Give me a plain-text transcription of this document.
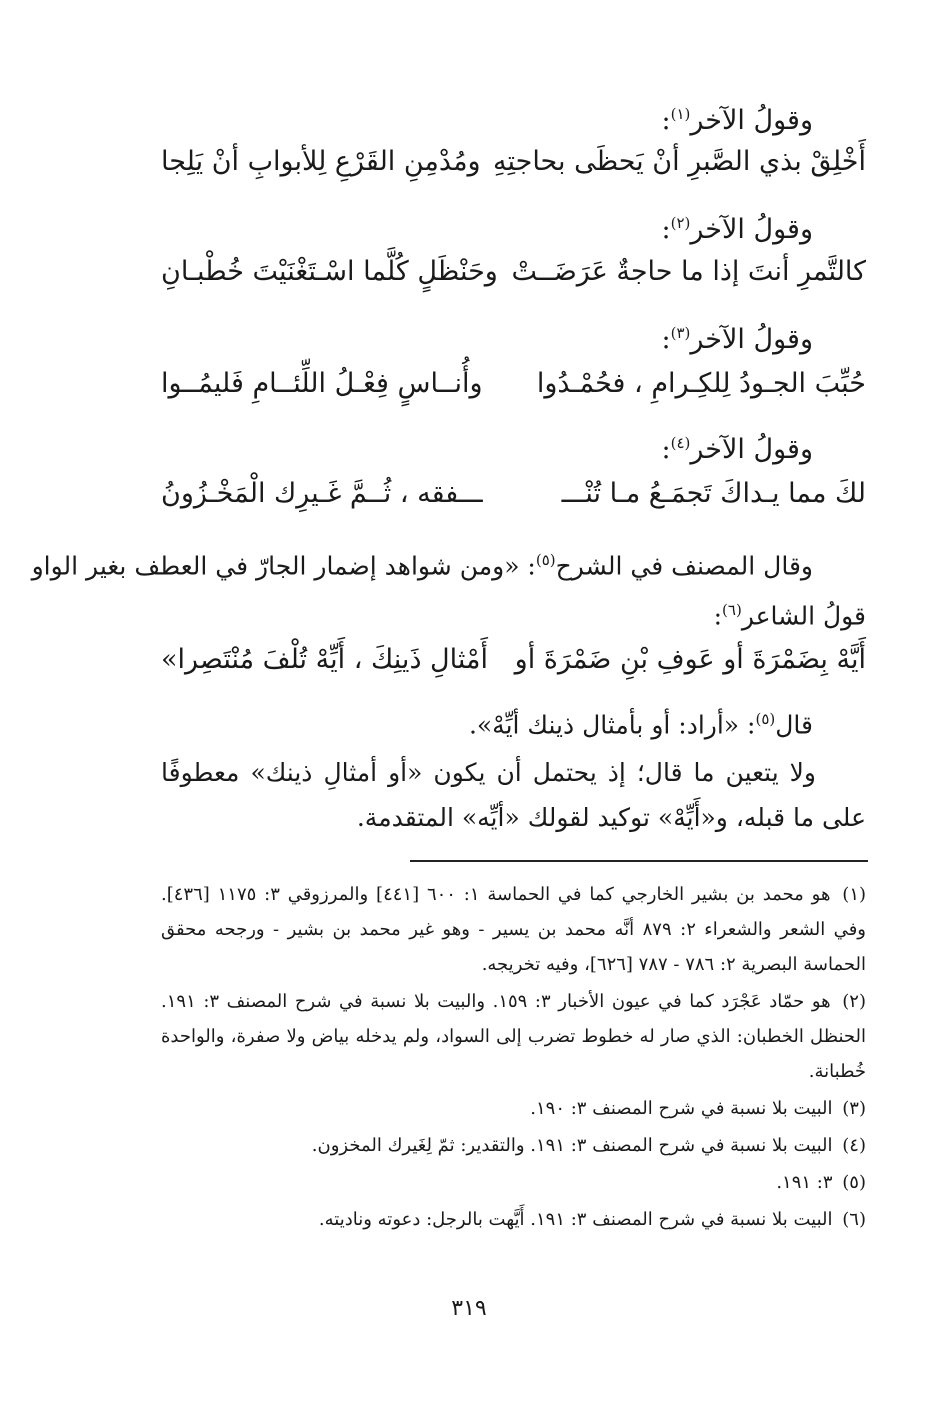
وقولُ الآخر$^{(١)}$:
أَخْلِقْ بذي الصَّبرِ أنْ يَحظَى بحاجتِهِ
ومُدْمِنِ القَرْعِ لِلأبوابِ أنْ يَلِجا
وقولُ الآخر$^{(٢)}$:
كالتَّمرِ أنتَ إذا ما حاجةٌ عَرَضَــتْ
وحَنْظَلٍ كُلَّما اسْـتَغْنَيْتَ خُطْبـانِ
وقولُ الآخر$^{(٣)}$:
حُبِّبَ الجـودُ لِلكِـرامِ ، فحُمْـدُوا
وأُنــاسٍ فِعْـلُ اللِّئــامِ فَليمُــوا
وقولُ الآخر$^{(٤)}$:
لكَ مما يـداكَ تَجمَـعُ مـا تُنْـــ
ـــفقه ، ثُــمَّ غَـيرِك الْمَخْـزُونُ
وقال المصنف في الشرح$^{(٥)}$: «ومن شواهد إضمار الجارّ في العطف بغير الواو
قولُ الشاعر$^{(٦)}$:
أَيَّهْ بِضَمْرَةَ أو عَوفِ بْنِ ضَمْرَةَ أو
أَمْثالِ ذَينِكَ ، أَيِّهْ تُلْفَ مُنْتَصِرا»
قال$^{(٥)}$: «أراد: أو بأمثال ذينك أيِّهْ».
ولا يتعين ما قال؛ إذ يحتمل أن يكون «أو أمثالِ ذينك» معطوفًا على ما قبله، و«أَيِّهْ» توكيد لقولك «أيِّه» المتقدمة.

(١) هو محمد بن بشير الخارجي كما في الحماسة ١: ٦٠٠ [٤٤١] والمرزوقي ٣: ١١٧٥ [٤٣٦]. وفي الشعر والشعراء ٢: ٨٧٩ أنَّه محمد بن يسير - وهو غير محمد بن بشير - ورجحه محقق الحماسة البصرية ٢: ٧٨٦ - ٧٨٧ [٦٢٦]، وفيه تخريجه.

(٢) هو حمّاد عَجْرَد كما في عيون الأخبار ٣: ١٥٩. والبيت بلا نسبة في شرح المصنف ٣: ١٩١. الحنظل الخطبان: الذي صار له خطوط تضرب إلى السواد، ولم يدخله بياض ولا صفرة، والواحدة خُطبانة.

(٣) البيت بلا نسبة في شرح المصنف ٣: ١٩٠.

(٤) البيت بلا نسبة في شرح المصنف ٣: ١٩١. والتقدير: ثمّ لِغَيرك المخزون.

(٥) ٣: ١٩١.

(٦) البيت بلا نسبة في شرح المصنف ٣: ١٩١. أَيَّهت بالرجل: دعوته وناديته.

٣١٩
